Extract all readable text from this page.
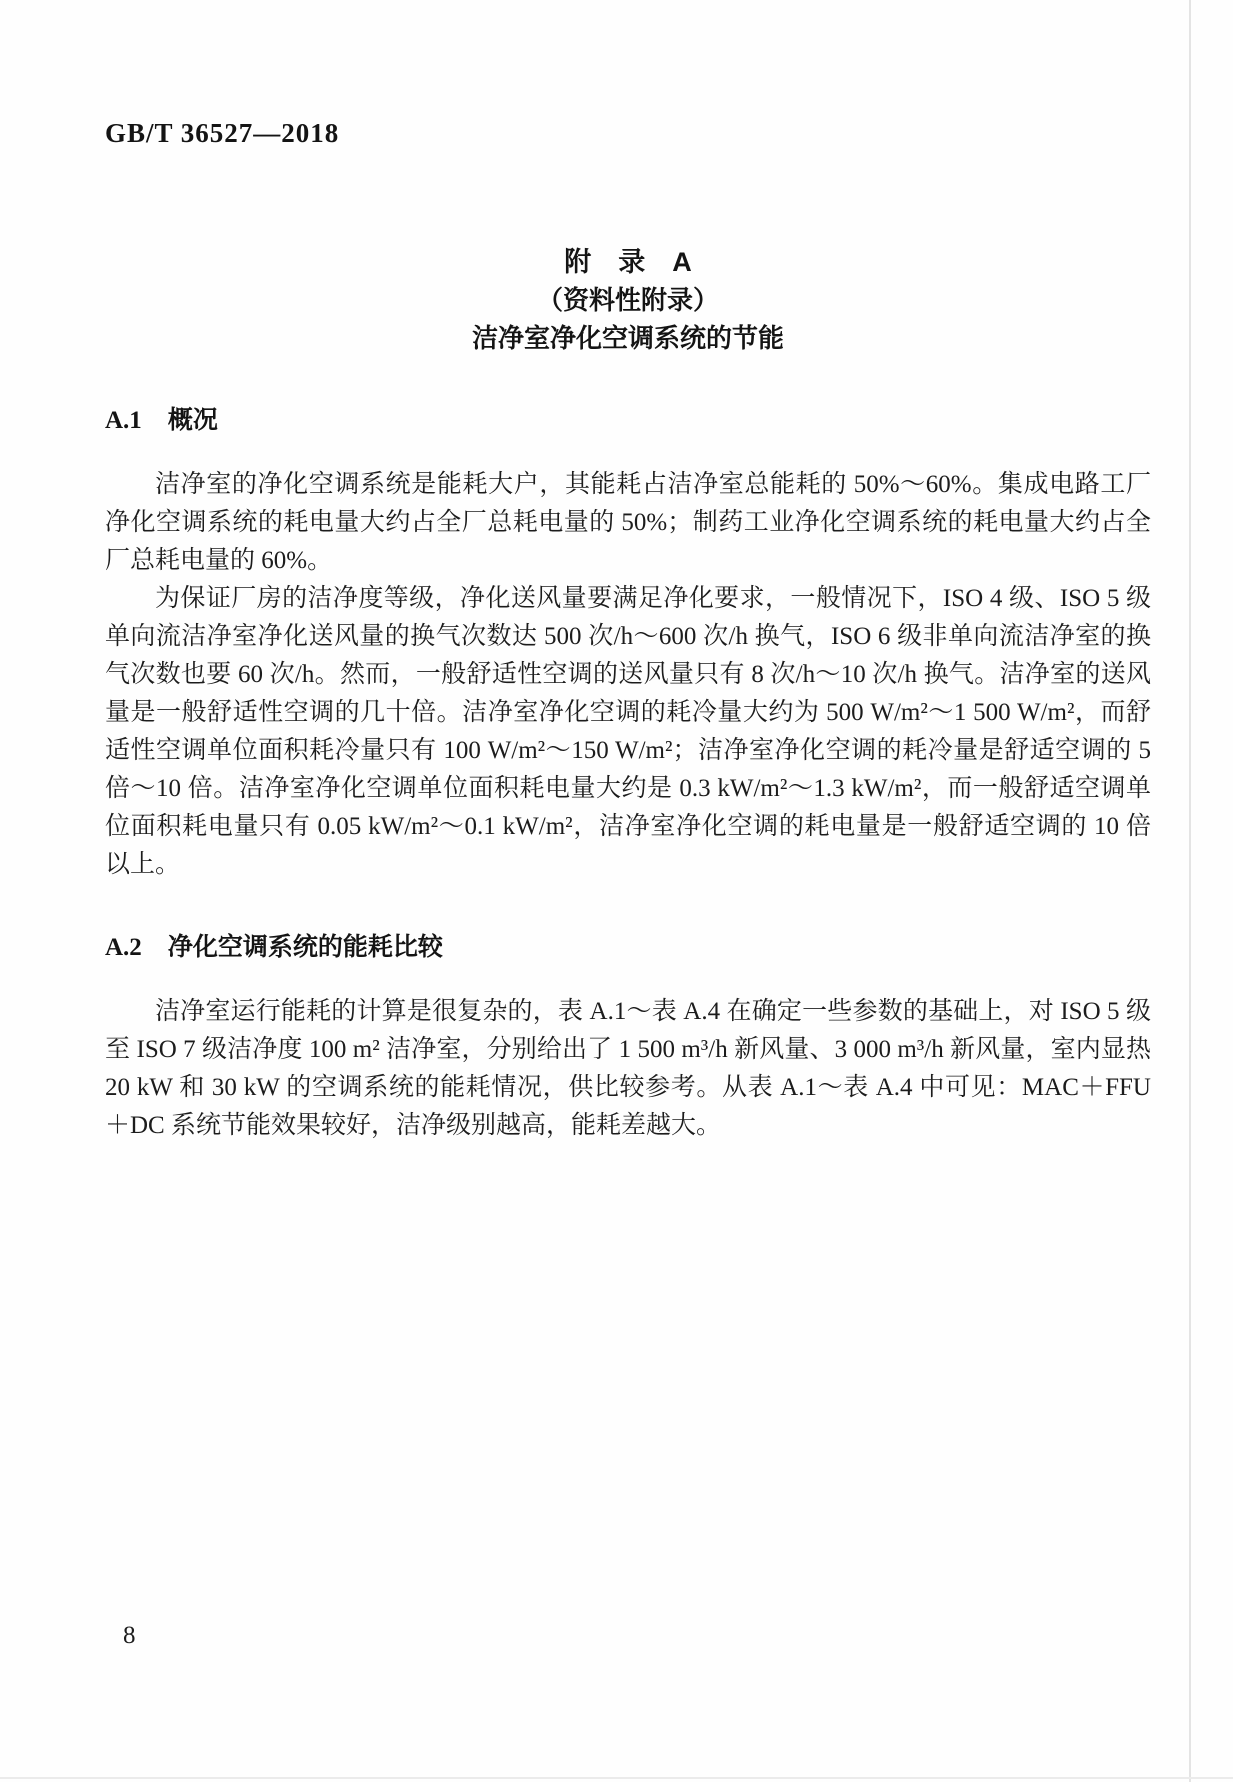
GB/T 36527—2018
附　录　A
（资料性附录）
洁净室净化空调系统的节能
A.1 概况

洁净室的净化空调系统是能耗大户，其能耗占洁净室总能耗的 50%～60%。集成电路工厂净化空调系统的耗电量大约占全厂总耗电量的 50%；制药工业净化空调系统的耗电量大约占全厂总耗电量的 60%。

为保证厂房的洁净度等级，净化送风量要满足净化要求，一般情况下，ISO 4 级、ISO 5 级单向流洁净室净化送风量的换气次数达 500 次/h～600 次/h 换气，ISO 6 级非单向流洁净室的换气次数也要 60 次/h。然而，一般舒适性空调的送风量只有 8 次/h～10 次/h 换气。洁净室的送风量是一般舒适性空调的几十倍。洁净室净化空调的耗冷量大约为 500 W/m²～1 500 W/m²，而舒适性空调单位面积耗冷量只有 100 W/m²～150 W/m²；洁净室净化空调的耗冷量是舒适空调的 5 倍～10 倍。洁净室净化空调单位面积耗电量大约是 0.3 kW/m²～1.3 kW/m²，而一般舒适空调单位面积耗电量只有 0.05 kW/m²～0.1 kW/m²，洁净室净化空调的耗电量是一般舒适空调的 10 倍以上。

A.2 净化空调系统的能耗比较

洁净室运行能耗的计算是很复杂的，表 A.1～表 A.4 在确定一些参数的基础上，对 ISO 5 级至 ISO 7 级洁净度 100 m² 洁净室，分别给出了 1 500 m³/h 新风量、3 000 m³/h 新风量，室内显热 20 kW 和 30 kW 的空调系统的能耗情况，供比较参考。从表 A.1～表 A.4 中可见：MAC＋FFU＋DC 系统节能效果较好，洁净级别越高，能耗差越大。

8
